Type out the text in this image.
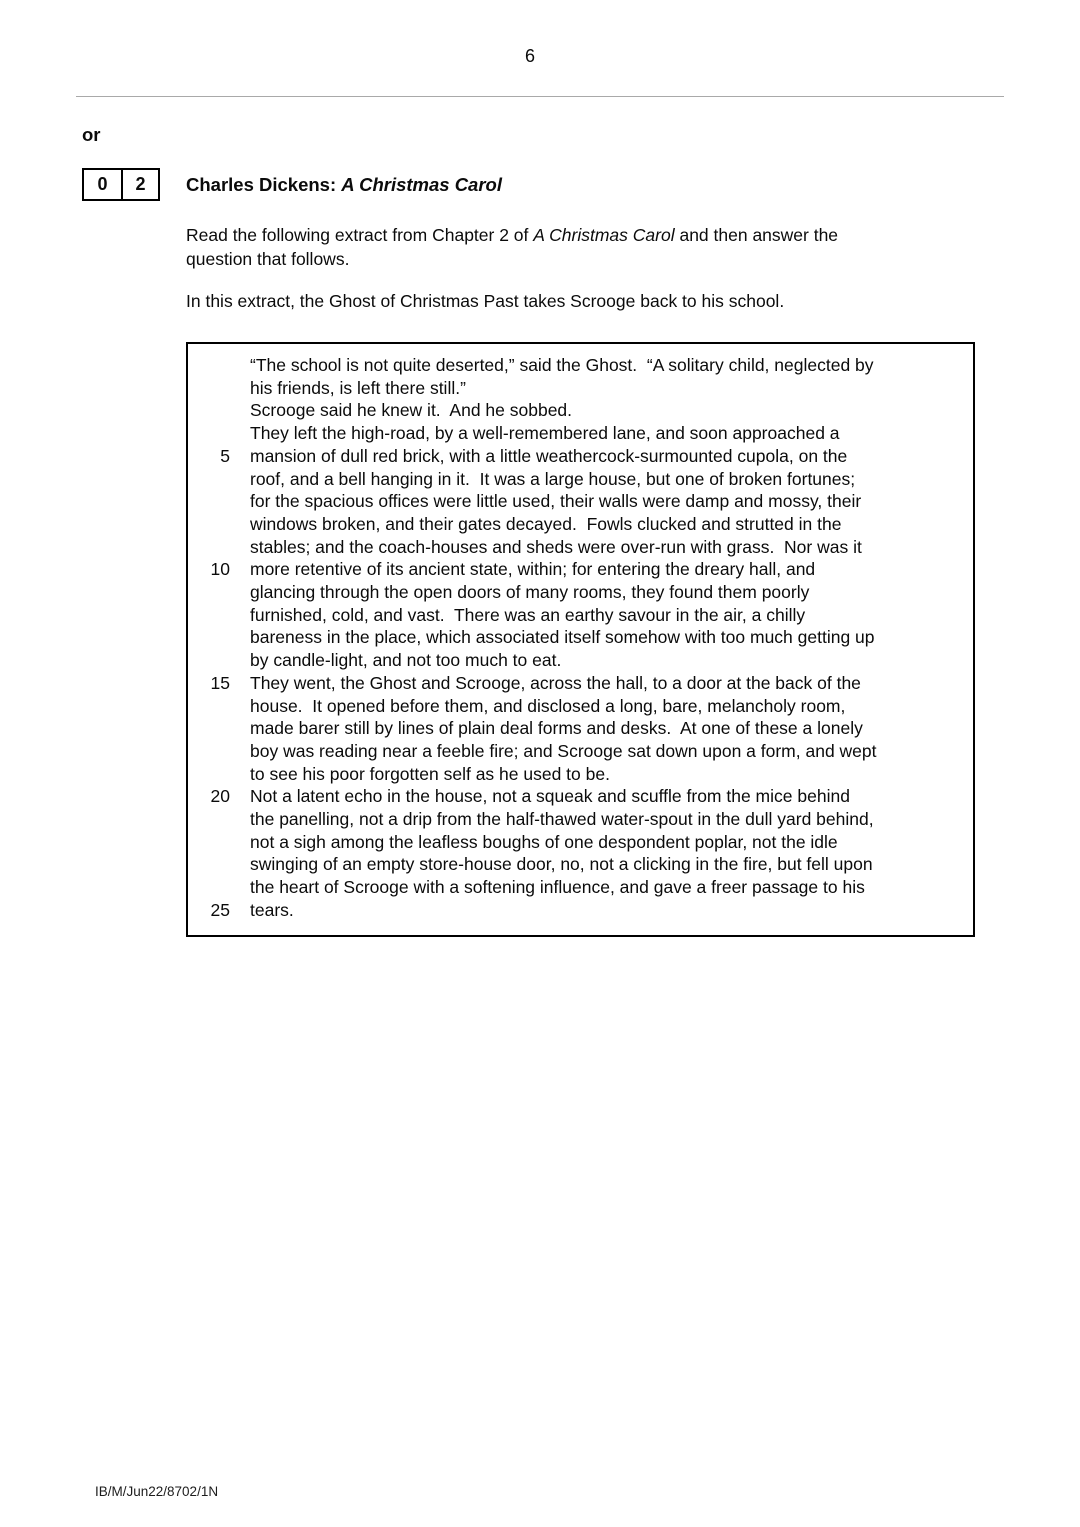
6
or
0	2	Charles Dickens: A Christmas Carol
Read the following extract from Chapter 2 of A Christmas Carol and then answer the
question that follows.
In this extract, the Ghost of Christmas Past takes Scrooge back to his school.
“The school is not quite deserted,” said the Ghost.  “A solitary child, neglected by
his friends, is left there still.”
Scrooge said he knew it.  And he sobbed.
They left the high-road, by a well-remembered lane, and soon approached a
5	mansion of dull red brick, with a little weathercock-surmounted cupola, on the
roof, and a bell hanging in it.  It was a large house, but one of broken fortunes;
for the spacious offices were little used, their walls were damp and mossy, their
windows broken, and their gates decayed.  Fowls clucked and strutted in the
stables; and the coach-houses and sheds were over-run with grass.  Nor was it
10	more retentive of its ancient state, within; for entering the dreary hall, and
glancing through the open doors of many rooms, they found them poorly
furnished, cold, and vast.  There was an earthy savour in the air, a chilly
bareness in the place, which associated itself somehow with too much getting up
by candle-light, and not too much to eat.
15	They went, the Ghost and Scrooge, across the hall, to a door at the back of the
house.  It opened before them, and disclosed a long, bare, melancholy room,
made barer still by lines of plain deal forms and desks.  At one of these a lonely
boy was reading near a feeble fire; and Scrooge sat down upon a form, and wept
to see his poor forgotten self as he used to be.
20	Not a latent echo in the house, not a squeak and scuffle from the mice behind
the panelling, not a drip from the half-thawed water-spout in the dull yard behind,
not a sigh among the leafless boughs of one despondent poplar, not the idle
swinging of an empty store-house door, no, not a clicking in the fire, but fell upon
the heart of Scrooge with a softening influence, and gave a freer passage to his
25	tears.
IB/M/Jun22/8702/1N
